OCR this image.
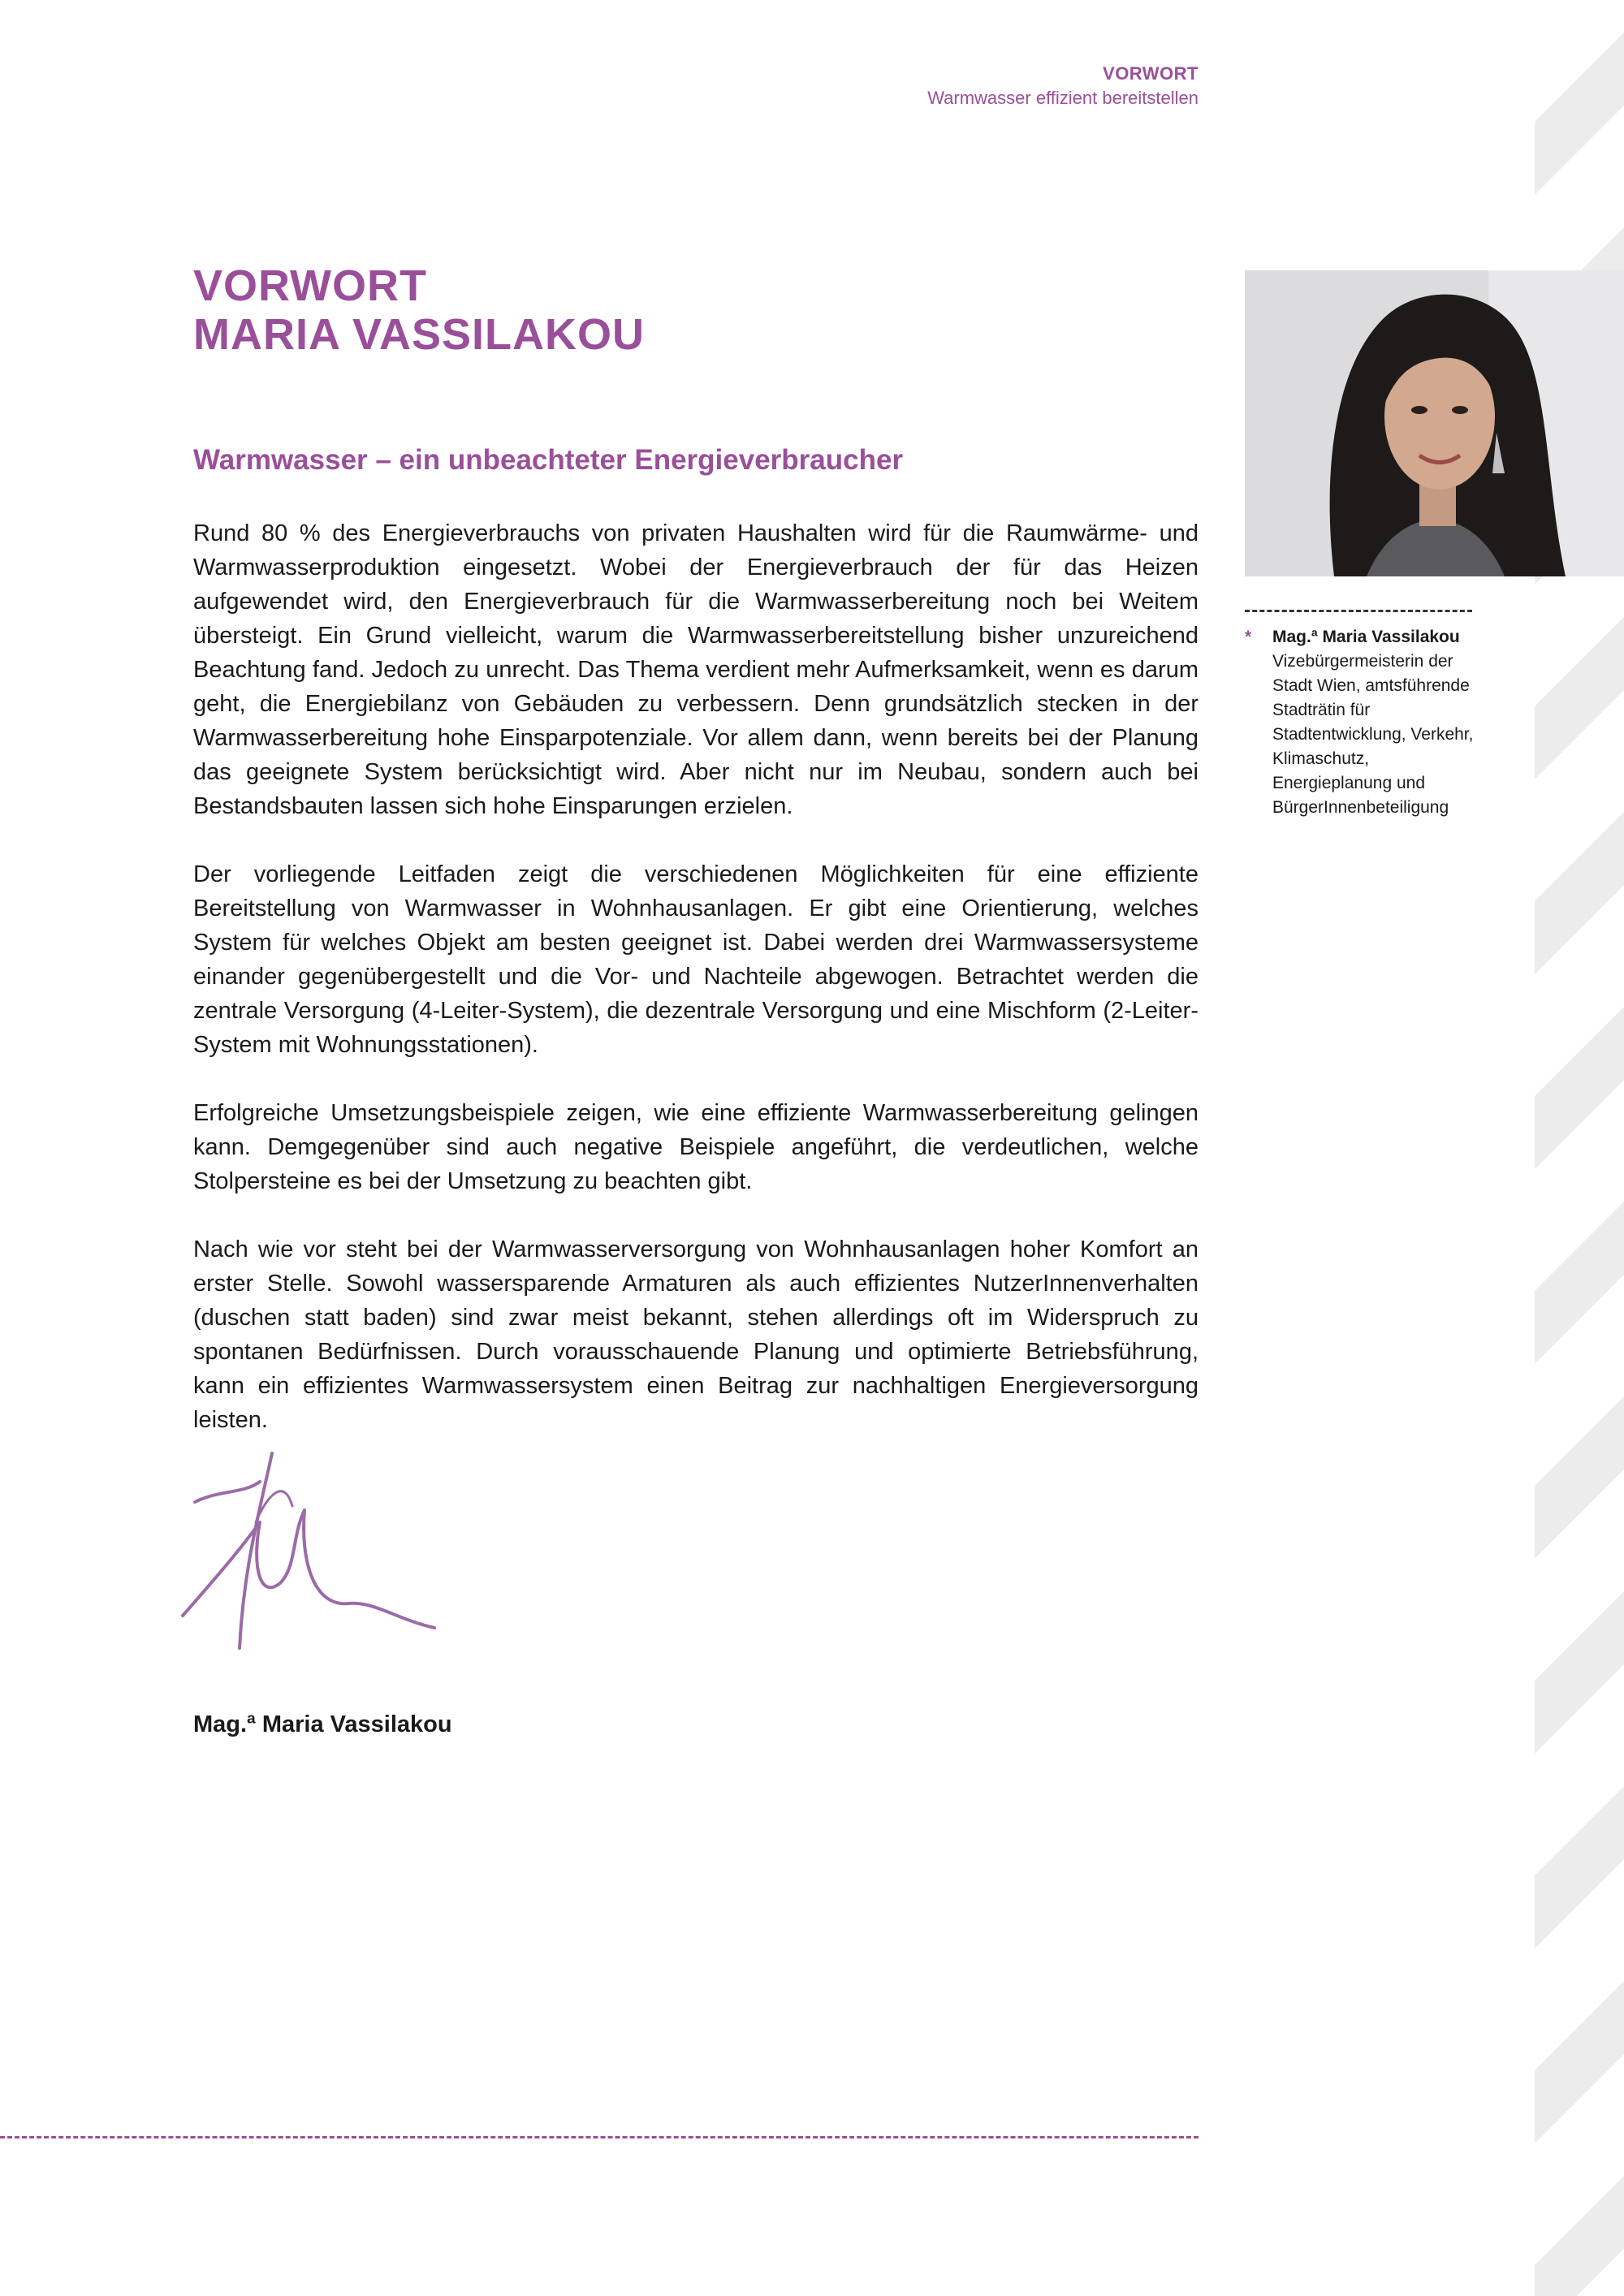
VORWORT
Warmwasser effizient bereitstellen
VORWORT
MARIA VASSILAKOU
Warmwasser – ein unbeachteter Energieverbraucher

Rund 80 % des Energieverbrauchs von privaten Haushalten wird für die Raumwärme- und Warmwasserproduktion eingesetzt. Wobei der Energieverbrauch der für das Heizen aufgewendet wird, den Energieverbrauch für die Warmwasserbereitung noch bei Weitem übersteigt. Ein Grund vielleicht, warum die Warmwasserbereitstellung bisher unzureichend Beachtung fand. Jedoch zu unrecht. Das Thema verdient mehr Aufmerksamkeit, wenn es darum geht, die Energiebilanz von Gebäuden zu verbessern. Denn grundsätzlich stecken in der Warmwasserbereitung hohe Einsparpotenziale. Vor allem dann, wenn bereits bei der Planung das geeignete System berücksichtigt wird. Aber nicht nur im Neubau, sondern auch bei Bestandsbauten lassen sich hohe Einsparungen erzielen.

Der vorliegende Leitfaden zeigt die verschiedenen Möglichkeiten für eine effiziente Bereitstellung von Warmwasser in Wohnhausanlagen. Er gibt eine Orientierung, welches System für welches Objekt am besten geeignet ist. Dabei werden drei Warmwassersysteme einander gegenübergestellt und die Vor- und Nachteile abgewogen. Betrachtet werden die zentrale Versorgung (4-Leiter-System), die dezentrale Versorgung und eine Mischform (2-Leiter-System mit Wohnungsstationen).

Erfolgreiche Umsetzungsbeispiele zeigen, wie eine effiziente Warmwasserbereitung gelingen kann. Demgegenüber sind auch negative Beispiele angeführt, die verdeutlichen, welche Stolpersteine es bei der Umsetzung zu beachten gibt.

Nach wie vor steht bei der Warmwasserversorgung von Wohnhausanlagen hoher Komfort an erster Stelle. Sowohl wassersparende Armaturen als auch effizientes NutzerInnenverhalten (duschen statt baden) sind zwar meist bekannt, stehen allerdings oft im Widerspruch zu spontanen Bedürfnissen. Durch vorausschauende Planung und optimierte Betriebsführung, kann ein effizientes Warmwassersystem einen Beitrag zur nachhaltigen Energieversorgung leisten.

* Mag.ª Maria Vassilakou
Vizebürgermeisterin der Stadt Wien, amtsführende Stadträtin für Stadtentwicklung, Verkehr, Klimaschutz, Energieplanung und BürgerInnenbeteiligung
Mag.ª Maria Vassilakou
